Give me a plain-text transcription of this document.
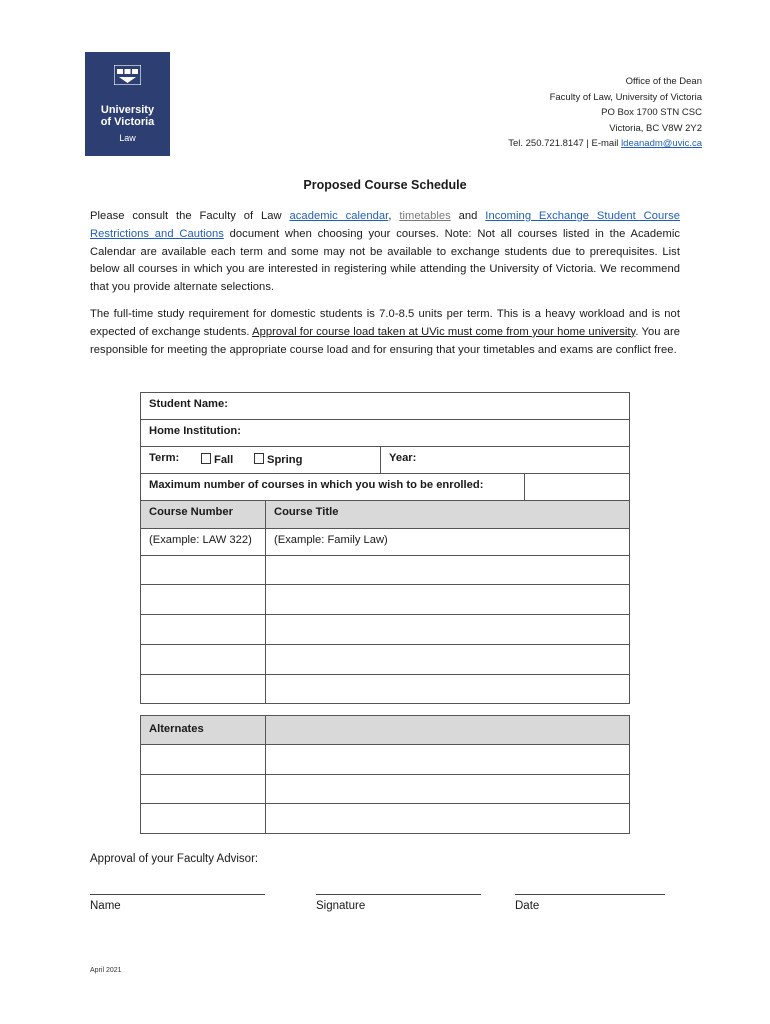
University
of Victoria
Law
Office of the Dean
Faculty of Law, University of Victoria
PO Box 1700 STN CSC
Victoria, BC V8W 2Y2
Tel. 250.721.8147 | E-mail ldeanadm@uvic.ca
Proposed Course Schedule
Please consult the Faculty of Law academic calendar, timetables and Incoming Exchange Student Course Restrictions and Cautions document when choosing your courses. Note: Not all courses listed in the Academic Calendar are available each term and some may not be available to exchange students due to prerequisites. List below all courses in which you are interested in registering while attending the University of Victoria. We recommend that you provide alternate selections.
The full-time study requirement for domestic students is 7.0-8.5 units per term. This is a heavy workload and is not expected of exchange students. Approval for course load taken at UVic must come from your home university. You are responsible for meeting the appropriate course load and for ensuring that your timetables and exams are conflict free.
Student Name:
Home Institution:
Term:	Fall	Spring	Year:
Maximum number of courses in which you wish to be enrolled:
Course Number	Course Title
(Example: LAW 322) (Example: Family Law)
Alternates
Approval of your Faculty Advisor:
Name	Signature	Date
April 2021
